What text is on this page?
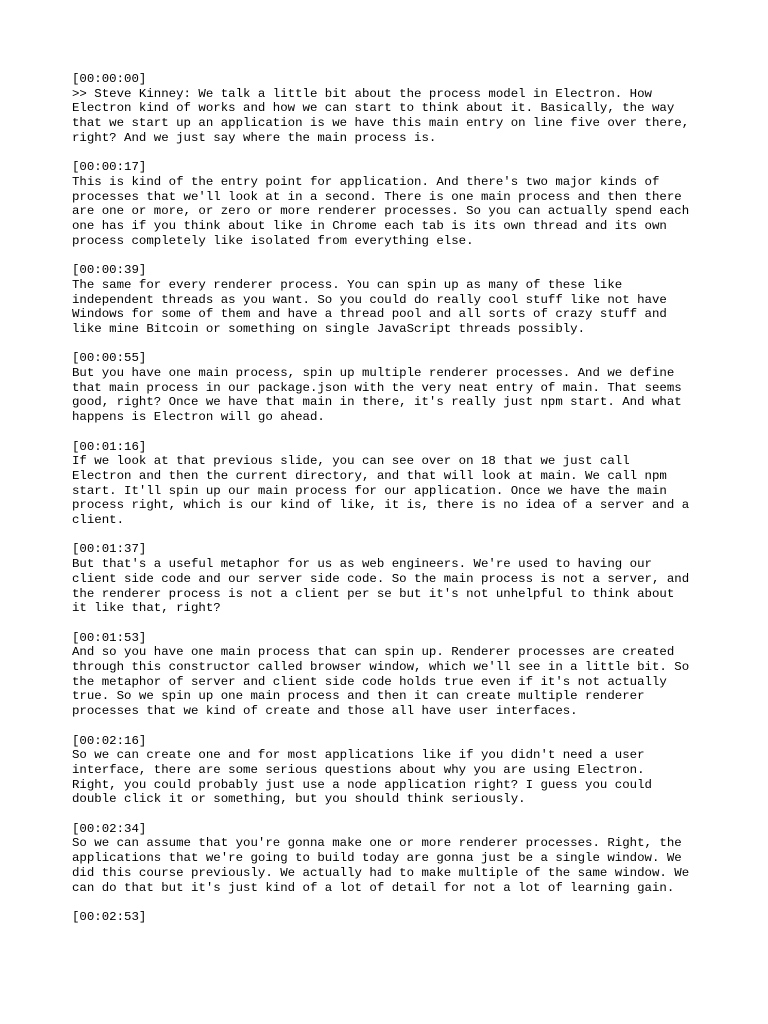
[00:00:00]
>> Steve Kinney: We talk a little bit about the process model in Electron. How
Electron kind of works and how we can start to think about it. Basically, the way
that we start up an application is we have this main entry on line five over there,
right? And we just say where the main process is.
[00:00:17]
This is kind of the entry point for application. And there's two major kinds of
processes that we'll look at in a second. There is one main process and then there
are one or more, or zero or more renderer processes. So you can actually spend each
one has if you think about like in Chrome each tab is its own thread and its own
process completely like isolated from everything else.
[00:00:39]
The same for every renderer process. You can spin up as many of these like
independent threads as you want. So you could do really cool stuff like not have
Windows for some of them and have a thread pool and all sorts of crazy stuff and
like mine Bitcoin or something on single JavaScript threads possibly.
[00:00:55]
But you have one main process, spin up multiple renderer processes. And we define
that main process in our package.json with the very neat entry of main. That seems
good, right? Once we have that main in there, it's really just npm start. And what
happens is Electron will go ahead.
[00:01:16]
If we look at that previous slide, you can see over on 18 that we just call
Electron and then the current directory, and that will look at main. We call npm
start. It'll spin up our main process for our application. Once we have the main
process right, which is our kind of like, it is, there is no idea of a server and a
client.
[00:01:37]
But that's a useful metaphor for us as web engineers. We're used to having our
client side code and our server side code. So the main process is not a server, and
the renderer process is not a client per se but it's not unhelpful to think about
it like that, right?
[00:01:53]
And so you have one main process that can spin up. Renderer processes are created
through this constructor called browser window, which we'll see in a little bit. So
the metaphor of server and client side code holds true even if it's not actually
true. So we spin up one main process and then it can create multiple renderer
processes that we kind of create and those all have user interfaces.
[00:02:16]
So we can create one and for most applications like if you didn't need a user
interface, there are some serious questions about why you are using Electron.
Right, you could probably just use a node application right? I guess you could
double click it or something, but you should think seriously.
[00:02:34]
So we can assume that you're gonna make one or more renderer processes. Right, the
applications that we're going to build today are gonna just be a single window. We
did this course previously. We actually had to make multiple of the same window. We
can do that but it's just kind of a lot of detail for not a lot of learning gain.
[00:02:53]
